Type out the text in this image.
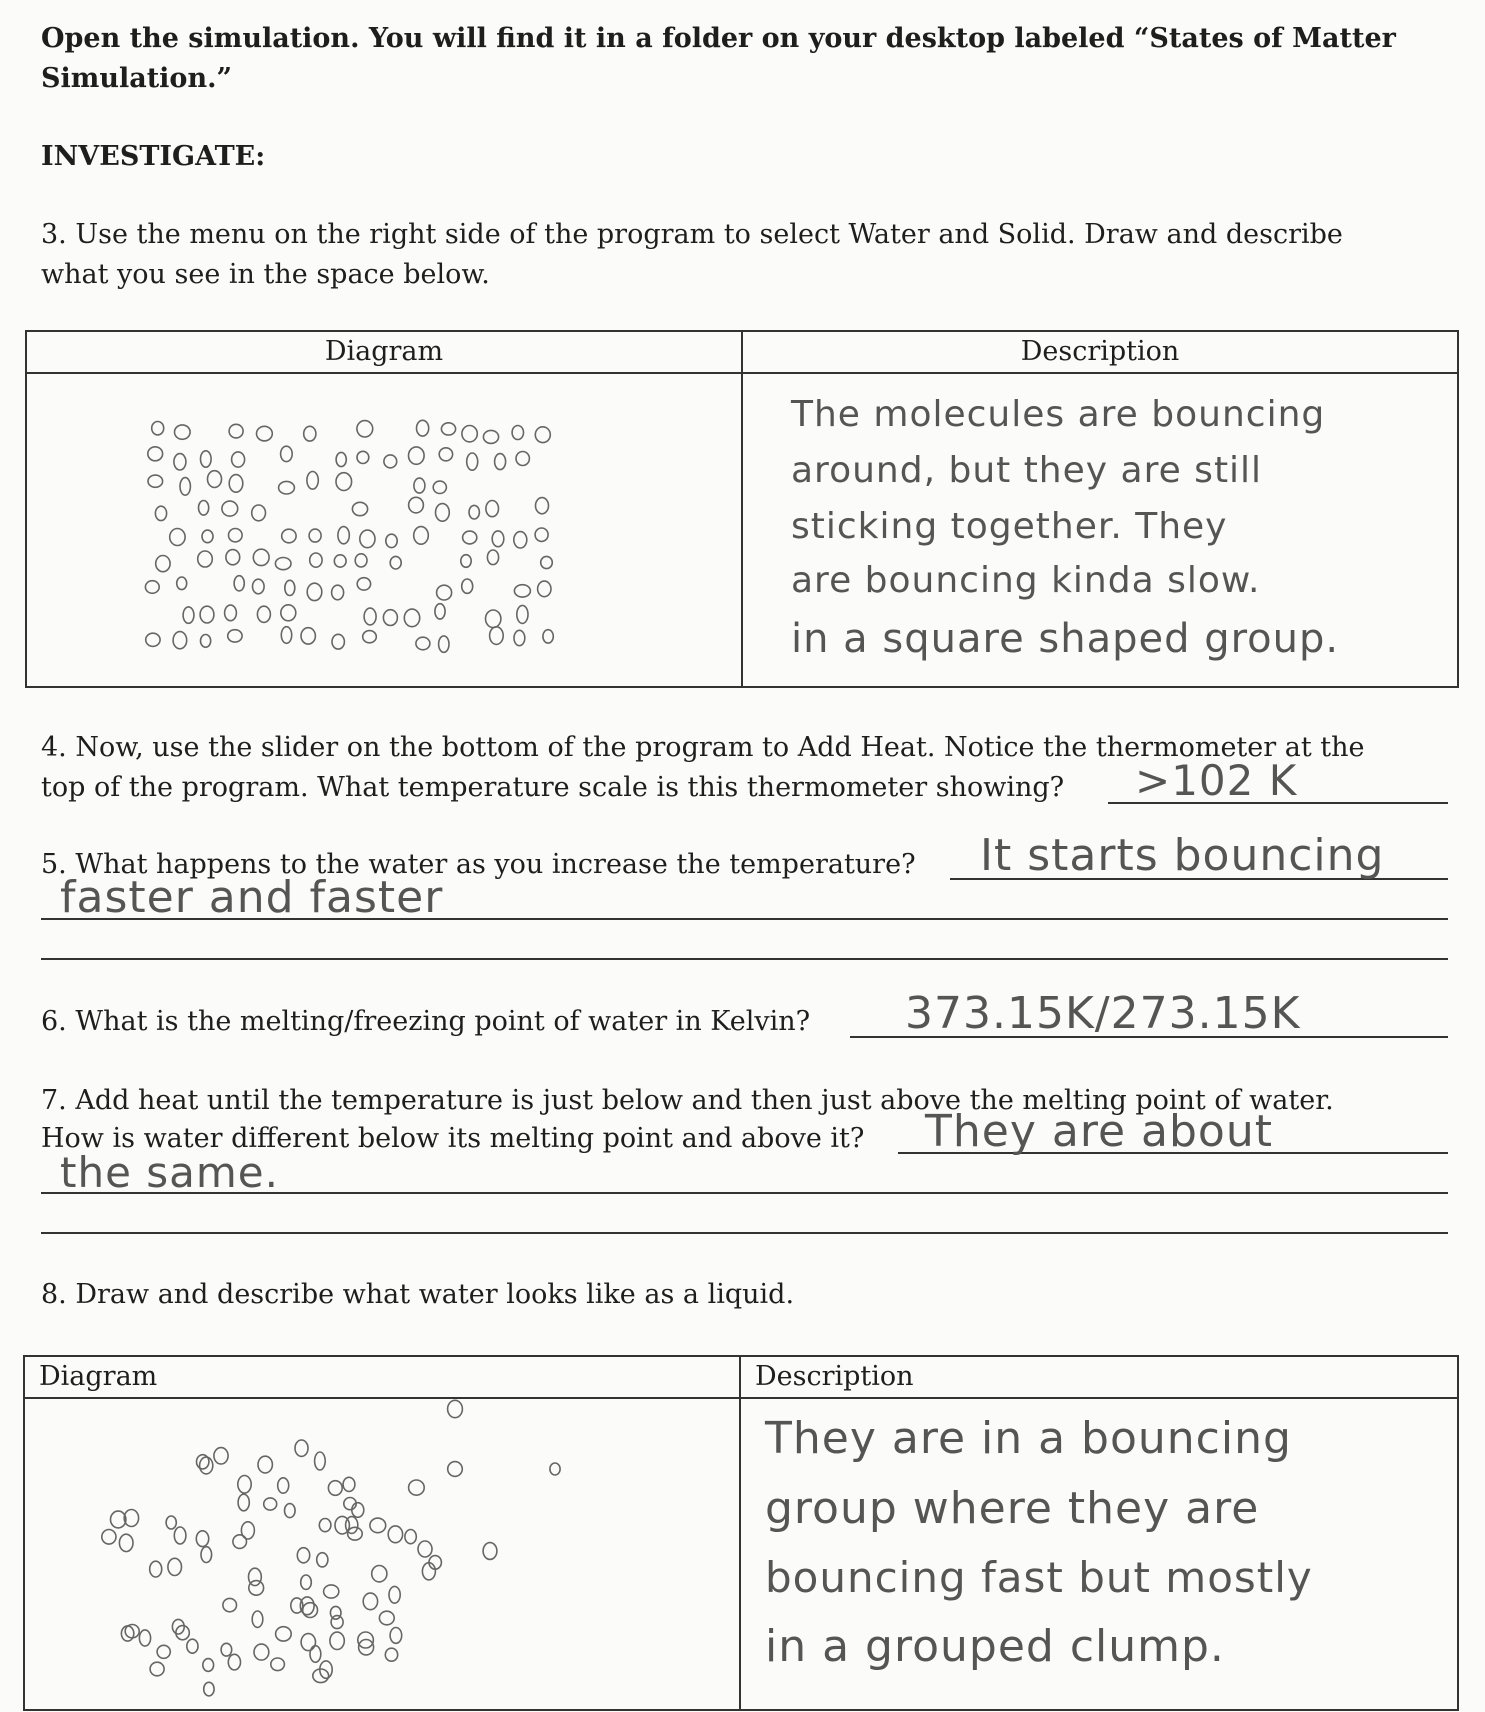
Open the simulation. You will find it in a folder on your desktop labeled “States of Matter

Simulation.”

INVESTIGATE:

3. Use the menu on the right side of the program to select Water and Solid. Draw and describe

what you see in the space below.

Diagram	Description

The molecules are bouncing
around, but they are still
sticking together. They
are bouncing kinda slow.
in a square shaped group.

4. Now, use the slider on the bottom of the program to Add Heat. Notice the thermometer at the

top of the program. What temperature scale is this thermometer showing? >102 K

5. What happens to the water as you increase the temperature? It starts bouncing
faster and faster

6. What is the melting/freezing point of water in Kelvin? 373.15K/273.15K

7. Add heat until the temperature is just below and then just above the melting point of water.

How is water different below its melting point and above it? They are about
the same.

8. Draw and describe what water looks like as a liquid.

Diagram	Description

They are in a bouncing
group where they are
bouncing fast but mostly
in a grouped clump.
